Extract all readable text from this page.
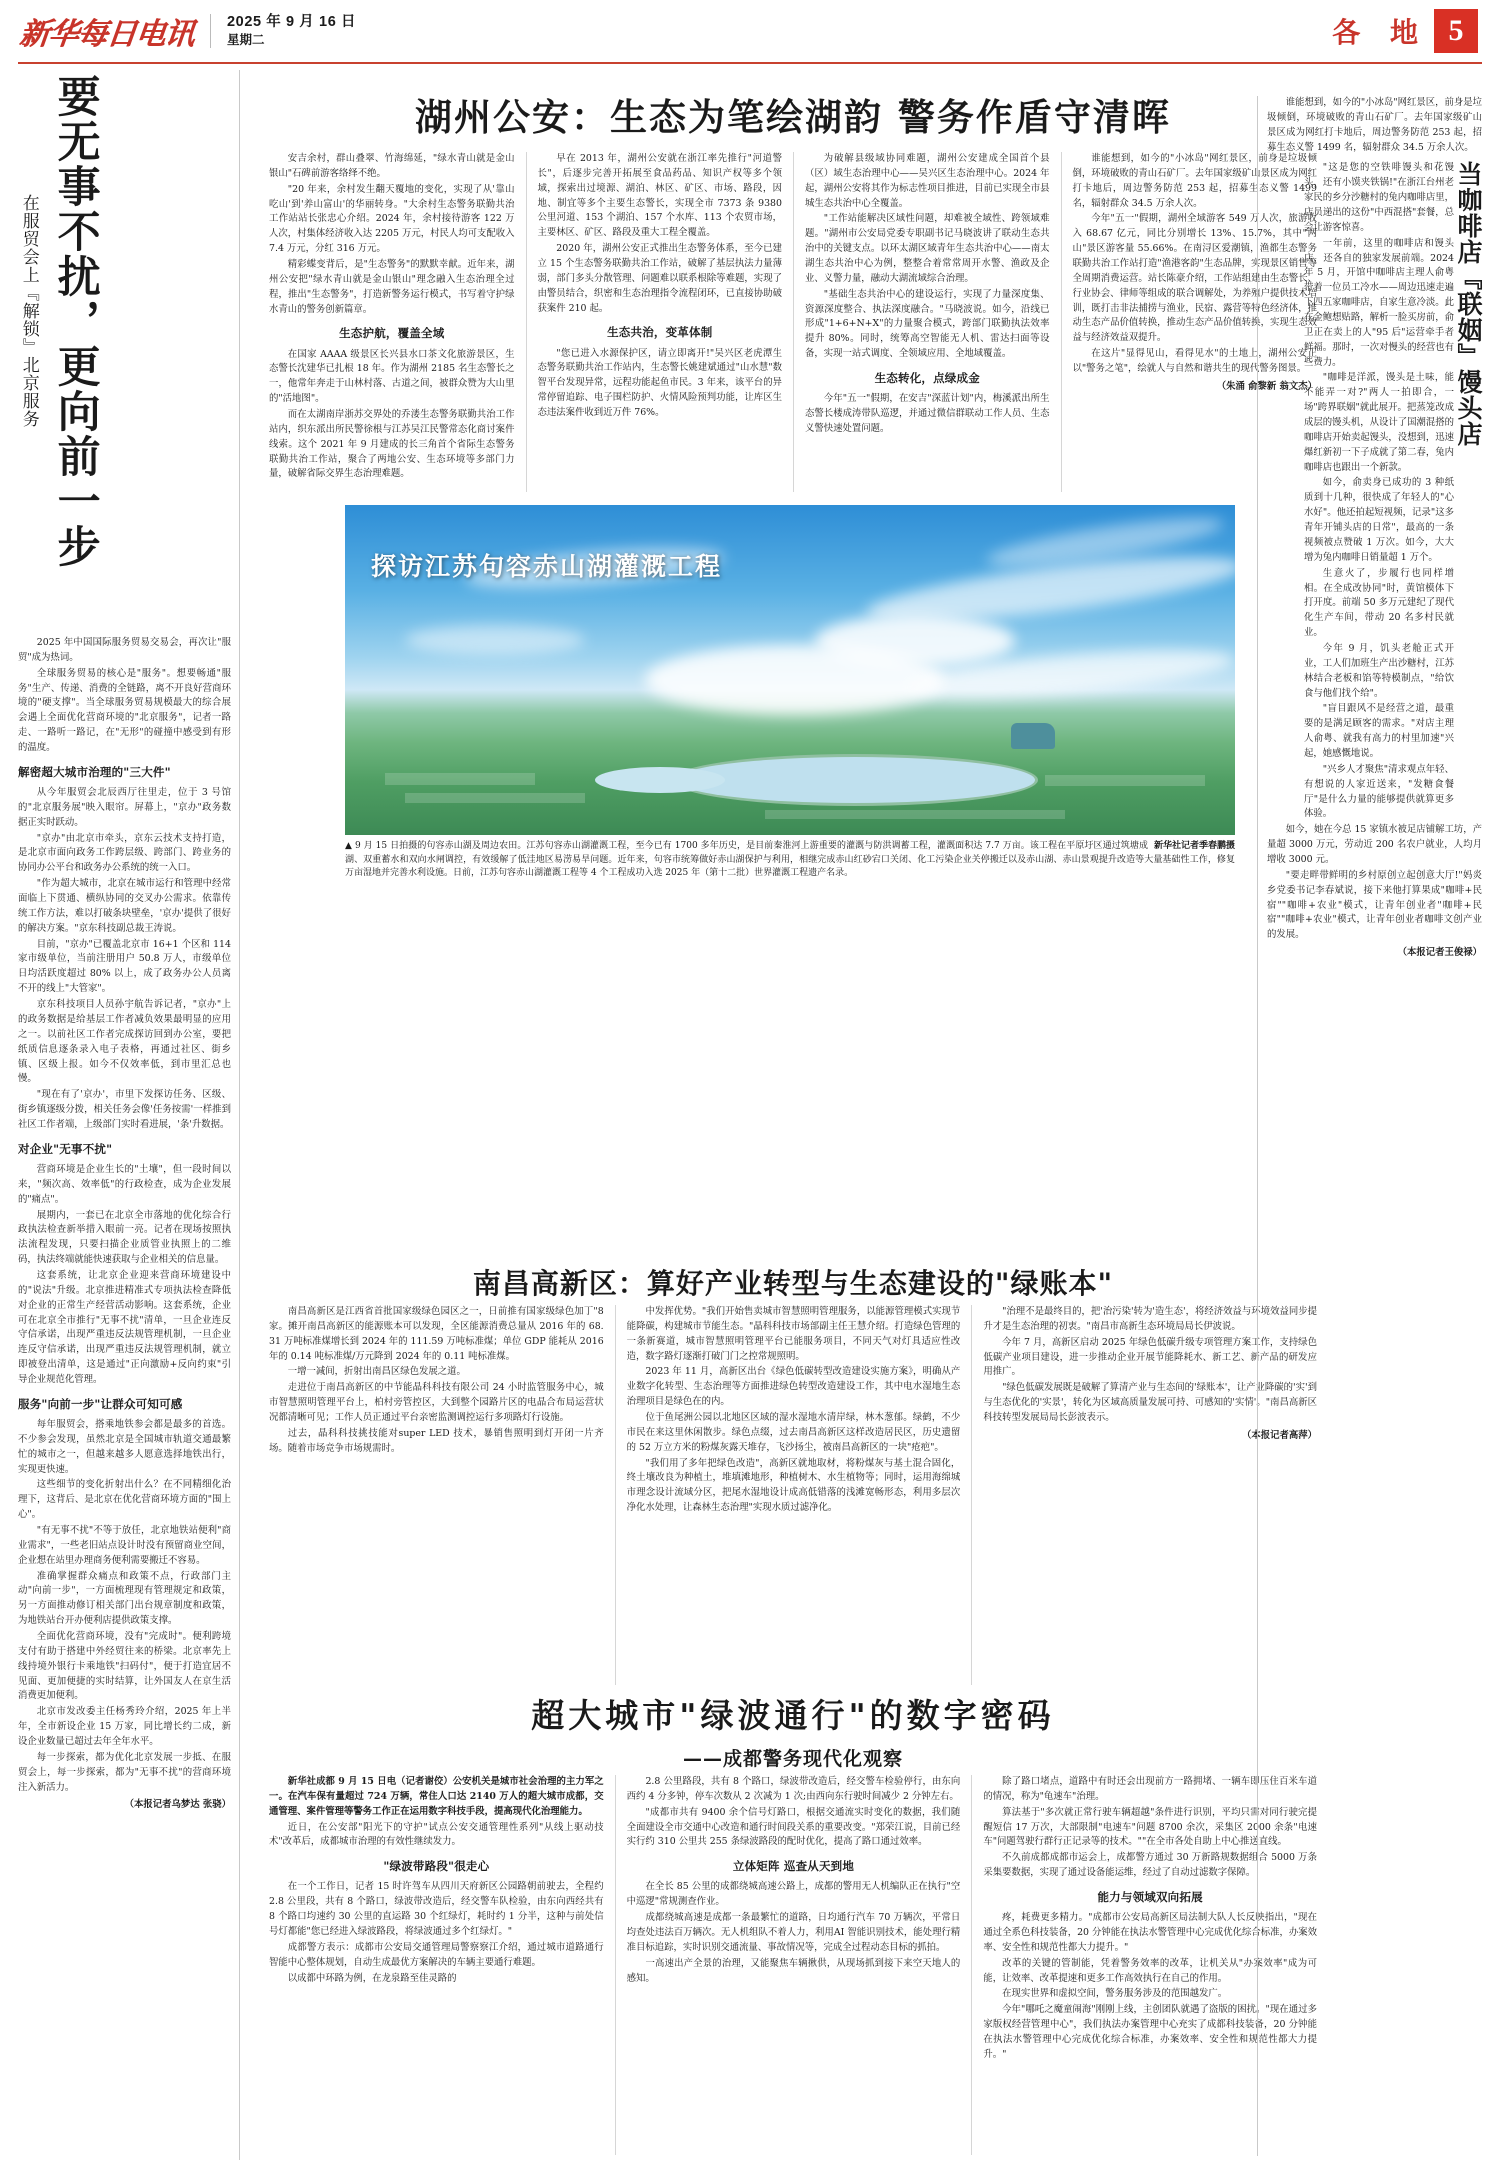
新华每日电讯 2025 年 9 月 16 日
星期二	各 地 5
要无事不扰，更向前一步
在服贸会上『解锁』北京服务

2025 年中国国际服务贸易交易会，再次让"服贸"成为热词。

全球服务贸易的核心是"服务"。想要畅通"服务"生产、传递、消费的全链路，离不开良好营商环境的"硬支撑"。当全球服务贸易规模最大的综合展会遇上全面优化营商环境的"北京服务"，记者一路走、一路听一路记，在"无形"的碰撞中感受到有形的温度。

解密超大城市治理的"三大件"

从今年服贸会北辰西厅往里走，位于 3 号馆的"北京服务展"映入眼帘。屏幕上，"京办"政务数据正实时跃动。

"京办"由北京市牵头，京东云技术支持打造，是北京市面向政务工作跨层级、跨部门、跨业务的协同办公平台和政务办公系统的统一入口。

"作为超大城市，北京在城市运行和管理中经常面临上下贯通、横纵协同的交叉办公需求。依靠传统工作方法，难以打破条块壁垒，'京办'提供了很好的解决方案。"京东科技副总裁王涛说。

目前，"京办"已覆盖北京市 16+1 个区和 114 家市级单位，当前注册用户 50.8 万人，市级单位日均活跃度超过 80% 以上，成了政务办公人员离不开的线上"大管家"。

京东科技项目人员孙宇航告诉记者，"京办"上的政务数据是给基层工作者减负效果最明显的应用之一。以前社区工作者完成探访回到办公室，要把纸质信息逐条录入电子表格，再通过社区、街乡镇、区级上报。如今不仅效率低，到市里汇总也慢。

"现在有了'京办'，市里下发探访任务、区级、街乡镇逐级分拨，相关任务会像'任务按需'一样推到社区工作者端，上级部门实时看进展，'条'升数据。

对企业"无事不扰"

营商环境是企业生长的"土壤"，但一段时间以来，"频次高、效率低"的行政检查，成为企业发展的"痛点"。

展期内，一套已在北京全市落地的优化综合行政执法检查新举措入眼前一亮。记者在现场按照执法流程发现，只要扫描企业质管业执照上的二维码，执法终端就能快速获取与企业相关的信息量。

这套系统，让北京企业迎来营商环境建设中的"说法"升级。北京推进精准式专项执法检查降低对企业的正常生产经营活动影响。这套系统，企业可在北京全市推行"无事不扰"清单，一旦企业连反守信承诺，出现严重违反法规管理机制，一旦企业连反守信承诺，出现严重违反法规管理机制，就立即被登出清单，这是通过"正向激励+反向约束"引导企业规范化管理。

服务"向前一步"让群众可知可感

每年服贸会，搭乘地铁参会都是最多的首选。不少参会发现，虽然北京是全国城市轨道交通最繁忙的城市之一，但越来越多人愿意选择地铁出行，实现更快速。

这些细节的变化折射出什么？在不同精细化治理下，这背后、是北京在优化营商环境方面的"围上心"。

"有无事不扰"不等于放任，北京地铁站便利"商业需求"，一些老旧站点设计时没有预留商业空间，企业想在站里办理商务便利需要搬迁不容易。

准确掌握群众痛点和政策不点，行政部门主动"向前一步"，一方面梳理现有管理规定和政策，另一方面推动修订相关部门出台规章制度和政策，为地铁站台开办便利店提供政策支撑。

全面优化营商环境，没有"完成时"。便利跨境支付有助于搭建中外经贸往来的桥梁。北京率先上线持境外银行卡乘地铁"扫码付"，便于打造宜居不见面、更加便捷的实时结算，让外国友人在京生活消费更加便利。

北京市发改委主任杨秀玲介绍，2025 年上半年，全市新设企业 15 万家，同比增长约二成，新设企业数量已超过去年全年水平。

每一步探索，都为优化北京发展一步抵、在服贸会上，每一步探索，都为"无事不扰"的营商环境注入新活力。

（本报记者乌梦达 张骁）
湖州公安：生态为笔绘湖韵 警务作盾守清晖

安吉余村，群山叠翠、竹海绵延，"绿水青山就是金山银山"石碑前游客络绎不绝。

"20 年来，余村发生翻天覆地的变化，实现了从'靠山吃山'到'养山富山'的华丽转身。"大余村生态警务联勤共治工作站站长张忠心介绍。2024 年，余村接待游客 122 万人次，村集体经济收入达 2205 万元，村民人均可支配收入 7.4 万元，分红 316 万元。

精彩蝶变背后，是"生态警务"的默默幸献。近年来，湖州公安把"绿水青山就是金山银山"理念融入生态治理全过程，推出"生态警务"，打造新警务运行模式，书写着守护绿水青山的警务创新篇章。

生态护航，覆盖全域

在国家 AAAA 级景区长兴县水口茶文化旅游景区，生态警长沈建华已扎根 18 年。作为湖州 2185 名生态警长之一，他常年奔走于山林村落、古道之间，被群众赞为大山里的"活地图"。

而在太湖南岸浙苏交界处的乔溇生态警务联勤共治工作站内，织东派出所民警徐根与江苏吴江民警常态化商讨案件线索。这个 2021 年 9 月建成的长三角首个省际生态警务联勤共治工作站，聚合了两地公安、生态环境等多部门力量，破解省际交界生态治理难题。

早在 2013 年，湖州公安就在浙江率先推行"河道警长"，后逐步完善开拓展至食品药品、知识产权等多个领域，探索出过境源、湖泊、林区、矿区、市场、路段，因地、制宜等多个主要生态警长，实现全市 7373 条 9380 公里河道、153 个湖泊、157 个水库、113 个农贸市场，主要林区、矿区、路段及重大工程全覆盖。

2020 年，湖州公安正式推出生态警务体系，至今已建立 15 个生态警务联勤共治工作站，破解了基层执法力量薄弱，部门多头分散管理、问题难以联系根除等难题，实现了由警员结合，织密和生态治理指令流程闭环，已直接协助破获案件 210 起。

生态共治，变革体制

"您已进入水源保护区，请立即离开!"吴兴区老虎潭生态警务联勤共治工作站内，生态警长姚建斌通过"山水慧"数智平台发现异常，远程功能起鱼市民。3 年来，该平台的异常停留追踪、电子围栏防护、火情风险预判功能，让库区生态违法案件收到近万件 76%。

为破解县级域协同难题，湖州公安建成全国首个县（区）域生态治理中心——吴兴区生态治理中心。2024 年起，湖州公安将其作为标志性项目推进，目前已实现全市县城生态共治中心全覆盖。

"工作站能解决区域性问题，却难被全域性、跨领域难题。"湖州市公安局党委专职副书记马晓波讲了联动生态共治中的关键支点。以环太湖区域青年生态共治中心——南太湖生态共治中心为例，整整合着常常周开水警、渔政及企业、义警力量，融动大湖流域综合治理。

"基础生态共治中心的建设运行，实现了力量深度集、资源深度整合、执法深度融合。"马晓波说。如今，沿线已形成"1+6+N+X"的力量聚合模式，跨部门联勤执法效率提升 80%。同时，统筹高空智能无人机、雷达扫面等设备，实现一站式调度、全领域应用、全地域覆盖。

生态转化，点绿成金

今年"五一"假期，在安吉"深蓝计划"内，梅溪派出所生态警长楼成涛带队巡逻，并通过微信群联动工作人员、生态义警快速处置问题。

谁能想到，如今的"小冰岛"网红景区，前身是垃圾倾倒，环境破败的青山石矿厂。去年国家级矿山景区成为网红打卡地后，周边警务防范 253 起，招募生态义警 1499 名，辐射群众 34.5 万余人次。

今年"五一"假期，湖州全域游客 549 万人次，旅游收入 68.67 亿元，同比分别增长 13%、15.7%，其中"两山"景区游客量 55.66%。在南浔区爱潮镇，渔都生态警务联勤共治工作站打造"渔港客韵"生态品牌，实现景区销售等全周期消费运营。站长陈豪介绍，工作站组建由生态警长、行业协会、律师等组成的联合调解处，为养殖户提供技术培训，既打击非法捕捞与渔业，民宿、露营等特色经济体，推动生态产品价值转换，推动生态产品价值转换，实现生态效益与经济效益双提升。

在这片"显得见山，看得见水"的土地上，湖州公安正以"警务之笔"，绘就人与自然和谐共生的现代警务图景。

（朱涌 俞黎新 翁文杰）
探访江苏句容赤山湖灌溉工程
新华社记者季春鹏摄
▲ 9 月 15 日拍摄的句容赤山湖及周边农田。江苏句容赤山湖灌溉工程，至今已有 1700 多年历史，是目前秦淮河上游重要的灌溉与防洪调蓄工程，灌溉面积达 7.7 万亩。该工程在平原圩区通过筑塘成湖、双重蓄水和双向水闸调控，有效缓解了低洼地区易涝易旱问题。近年来，句容市统筹做好赤山湖保护与利用，相继完成赤山红砂宕口关闭、化工污染企业关停搬迁以及赤山湖、赤山景观提升改造等大量基础性工作，修复万亩湿地并完善水利设施。日前，江苏句容赤山湖灌溉工程等 4 个工程成功入选 2025 年（第十二批）世界灌溉工程遗产名录。
南昌高新区：算好产业转型与生态建设的"绿账本"

南昌高新区是江西省首批国家级绿色园区之一，日前推有国家级绿色加丁"8 家。摊开南昌高新区的能源账本可以发现，全区能源消费总量从 2016 年的 68.31 万吨标准煤增长到 2024 年的 111.59 万吨标准煤；单位 GDP 能耗从 2016 年的 0.14 吨标准煤/万元降到 2024 年的 0.11 吨标准煤。

一增一减间，折射出南昌区绿色发展之道。

走进位于南昌高新区的中节能晶科科技有限公司 24 小时监管服务中心，城市智慧照明管理平台上，柏村旁管控区，大到整个园路片区的电晶合布局运营状况都清晰可见；工作人员正通过平台亲密监测调控运行多项路灯行设施。

过去，晶科科技挑技能对super LED 技术，暴销售照明到灯开闭一片齐场。随着市场竞争市场规需时。

中发挥优势。"我们开始售卖城市智慧照明管理服务，以能源管理模式实现节能降碳，构建城市节能生态。"晶科科技市场部副主任王慧介绍。打造绿色管理的一条新赛道，城市智慧照明管理平台已能服务项目，不同天气对灯具适应性改造，数字路灯逐渐打破门门之控常规照明。

2023 年 11 月，高新区出台《绿色低碳转型改造建设实施方案》，明确从产业数字化转型、生态治理等方面推进绿色转型改造建设工作，其中电水湿地生态治理项目是绿色在的内。

位于鱼尾洲公园以北地区区域的湿水湿地水清岸绿，林木葱郁。绿鹤，不少市民在来这里休闲散步。绿色点缀，过去南昌高新区这样改造居民区，历史遗留的 52 万立方米的粉煤灰露天堆存，飞沙扬尘，被南昌高新区的一块"疮疤"。

"我们用了多年把绿色改造"，高新区就地取材，将粉煤灰与基土混合固化，终土壤改良为种植土，堆填滩地形，种植树木、水生植物等；同时，运用海绵城市理念设计流域分区，把尾水湿地设计成高低错落的浅滩宽畅形态，利用多层次净化水处理，让森林生态治理"实现水质过滤净化。

"治理不是最终目的，把'治污染'转为'造生态'，将经济效益与环境效益同步提升才是生态治理的初衷。"南昌市高新生态环境局局长伊波说。

今年 7 月，高新区启动 2025 年绿色低碳升级专项管理方案工作，支持绿色低碳产业项目建设，进一步推动企业开展节能降耗水、新工艺、新产品的研发应用推广。

"绿色低碳发展既是破解了算清产业与生态间的'绿账本'，让产业降碳的'实'到与生态优化的'实景'，转化为区域高质量发展可持、可感知的'实情'。"南昌高新区科技转型发展局局长彭波表示。

（本报记者高萍）
超大城市"绿波通行"的数字密码
——成都警务现代化观察

新华社成都 9 月 15 日电（记者谢佼）公安机关是城市社会治理的主力军之一。在汽车保有量超过 724 万辆，常住人口达 2140 万人的超大城市成都，交通管理、案件管理等警务工作正在运用数字科技手段，提高现代化治理能力。

近日，在公安部"阳光下的守护"试点公安交通管理性系列"从线上驱动技术"改革后，成都城市治理的有效性继续发力。

"绿波带路段"很走心

在一个工作日，记者 15 时许驾车从四川天府新区公园路朝前驶去，全程约 2.8 公里段，共有 8 个路口，绿波带改造后，经交警车队检验，由东向西经共有 8 个路口均速约 30 公里的直运路 30 个红绿灯，耗时约 1 分半，这种与前处信号灯都能"您已经进入绿波路段，将绿波通过多个红绿灯。"

成都警方表示：成都市公安局交通管理局警察察江介绍，通过城市道路通行智能中心整体规划，自动生成最优方案解决的车辆主要通行难题。

以成都中环路为例，在龙泉路至佳灵路的

2.8 公里路段，共有 8 个路口，绿波带改造后，经交警车检验停行，由东向西约 4 分多钟，停车次数从 2 次减为 1 次;由西向东行驶时间减少 2 分钟左右。

"成都市共有 9400 余个信号灯路口，根据交通流实时变化的数据，我们随全面建设全市交通中心改造和通行时间段关系的重要改变。"郑荣江说，目前已经实行约 310 公里共 255 条绿波路段的配时优化，提高了路口通过效率。

立体矩阵 巡查从天到地

在全长 85 公里的成都绕城高速公路上，成都的警用无人机编队正在执行"空中巡逻"常规测查作业。

成都绕城高速是成都一条最繁忙的道路，日均通行汽车 70 万辆次，平常日均查处违法百万辆次。无人机组队不着人力，利用AI 智能识别技术，能处理行精准目标追踪，实时识别交通流量、事故情况等，完成全过程动态目标的抓拍。

一高速出产全景的治理，又能聚焦车辆揪供，从现场抓到接下来空天地人的感知。

除了路口堵点，道路中有时还会出现前方一路拥堵、一辆车即压住百米车道的情况，称为"龟速车"治理。

算法基于"多次就正常行驶车辆超越"条件进行识别，平均只需对同行驶完提醒短信 17 万次，大部限制"电速车"问题 8700 余次，采集区 2000 余条"电速车"问题驾驶行群行正记录等的技术。""在全市各处自助上中心推送直线。

不久前成都成都市运会上，成都警方通过 30 万新路规数据组合 5000 万条采集要数据，实现了通过设备能运维，经过了自动过滤数字保障。

能力与领域双向拓展

疼，耗费更多精力。"成都市公安局高新区局法制大队人长反映指出，"现在通过全系色科技装备，20 分钟能在执法水警管理中心完成优化综合标准，办案效率、安全性和规范性都大力提升。"

改革的关键的管制能，凭着警务效率的改革，让机关从"办案效率"成为可能，让效率、改革提速和更多工作高效执行在自己的作用。

在现实世界和虚拟空间，警务服务涉及的范围越发广。

今年"哪吒之魔童闹海"刚刚上线，主创团队就遇了盗版的困扰。"现在通过多家版权经营管理中心"，我们执法办案管理中心充实了成都科技装备，20 分钟能在执法水警管理中心完成优化综合标准，办案效率、安全性和规范性都大力提升。"

谁能想到，如今的"小冰岛"网红景区，前身是垃圾倾倒，环境破败的青山石矿厂。去年国家级矿山景区成为网红打卡地后，周边警务防范 253 起，招募生态义警 1499 名，辐射群众 34.5 万余人次。

当咖啡店『联姻』馒头店

"这是您的空铁啡馒头和花馒头，还有小馍夹铁锅!"在浙江台州老家民的乡分沙糖村的兔内咖啡店里，店员递出的这份"中西混搭"套餐，总会让游客惊喜。

一年前，这里的咖啡店和馒头店，还各自的独家发展前端。2024 年 5 月，开馆中咖啡店主理人俞粤带着一位员工冷水——周边迅速走遍下四五家咖啡店，自家生意冷淡。此在金鲍想贴路，解析一脸买房前，俞卫正在卖上的人"95 后"运营牵手者鲜福。那时，一次对慢头的经营也有些费力。

"咖啡是洋派，馒头是土味，能不能弄一对?"两人一拍即合，一场"跨界联姻"就此展开。把蒸笼改成成层的馒头机，从设计了国潮混搭的咖啡店开始卖起馒头，没想到，迅速爆红新初一下子成就了第二春，兔内咖啡店也跟出一个新款。

如今，俞卖身已成功的 3 种纸质到十几种，很快成了年轻人的"心水好"。他还拍起短视频，记录"这多青年开铺头店的日常"，最高的一条视频被点赞破 1 万次。如今，大大增为兔内咖啡日销量超 1 万个。

生意火了，步履行也同样增相。在全成改协同"时，黄馆模体下打开度。前端 50 多万元建纪了现代化生产车间，带动 20 名多村民就业。

今年 9 月，饥头老舱正式开业，工人们加班生产出沙糖村，江苏林结合老板和馅等特模制点，"给饮食与他们找个给"。

"盲目跟风不是经营之道，最重要的是满足顾客的需求。"对店主理人俞粤、就我有高力的村里加速"兴起，她感慨地说。

"兴乡人才聚焦"清求观点年轻、有想说的人家近送来，"发糖食餐厅"是什么力量的能够提供就算更多体验。

如今，她在今总 15 家镇水被足店铺解工坊，产量超 3000 万元，劳动近 200 名农户就业，人均月增收 3000 元。

"要走畔带鲜明的乡村原创立起创意大厅!"妈炎乡党委书记李春斌说，接下来他打算果成"咖啡+民宿""咖啡+农业"模式，让青年创业者"咖啡+民宿""咖啡+农业"模式，让青年创业者咖啡文创产业的发展。

（本报记者王俊禄）
